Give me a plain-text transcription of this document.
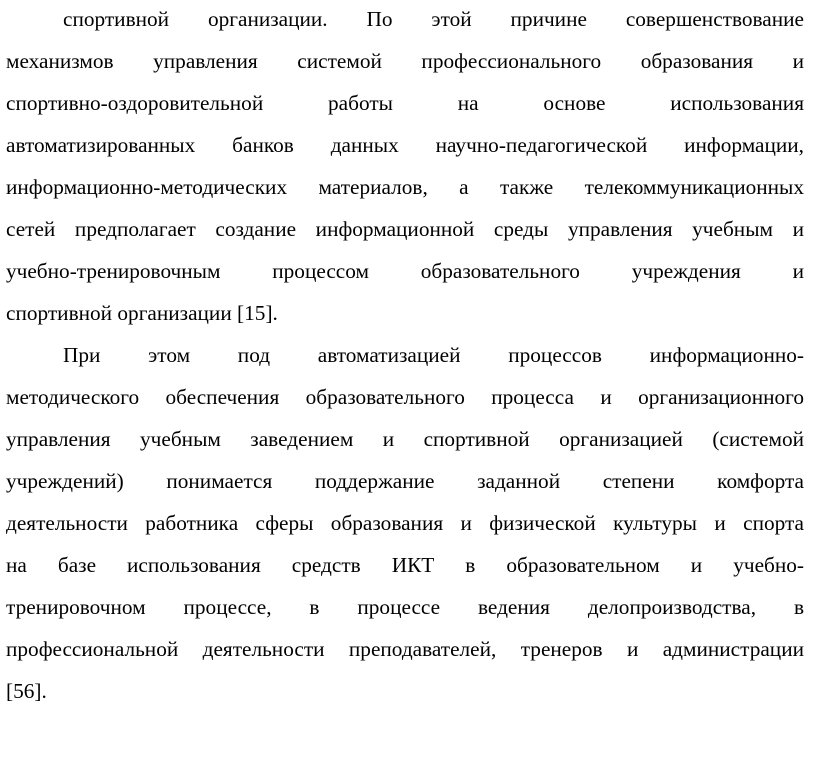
спортивной организации. По этой причине совершенствование
механизмов управления системой профессионального образования и
спортивно-оздоровительной работы на основе использования
автоматизированных банков данных научно-педагогической информации,
информационно-методических материалов, а также телекоммуникационных
сетей предполагает создание информационной среды управления учебным и
учебно-тренировочным процессом образовательного учреждения и
спортивной организации [15].
При этом под автоматизацией процессов информационно-
методического обеспечения образовательного процесса и организационного
управления учебным заведением и спортивной организацией (системой
учреждений) понимается поддержание заданной степени комфорта
деятельности работника сферы образования и физической культуры и спорта
на базе использования средств ИКТ в образовательном и учебно-
тренировочном процессе, в процессе ведения делопроизводства, в
профессиональной деятельности преподавателей, тренеров и администрации
[56].
